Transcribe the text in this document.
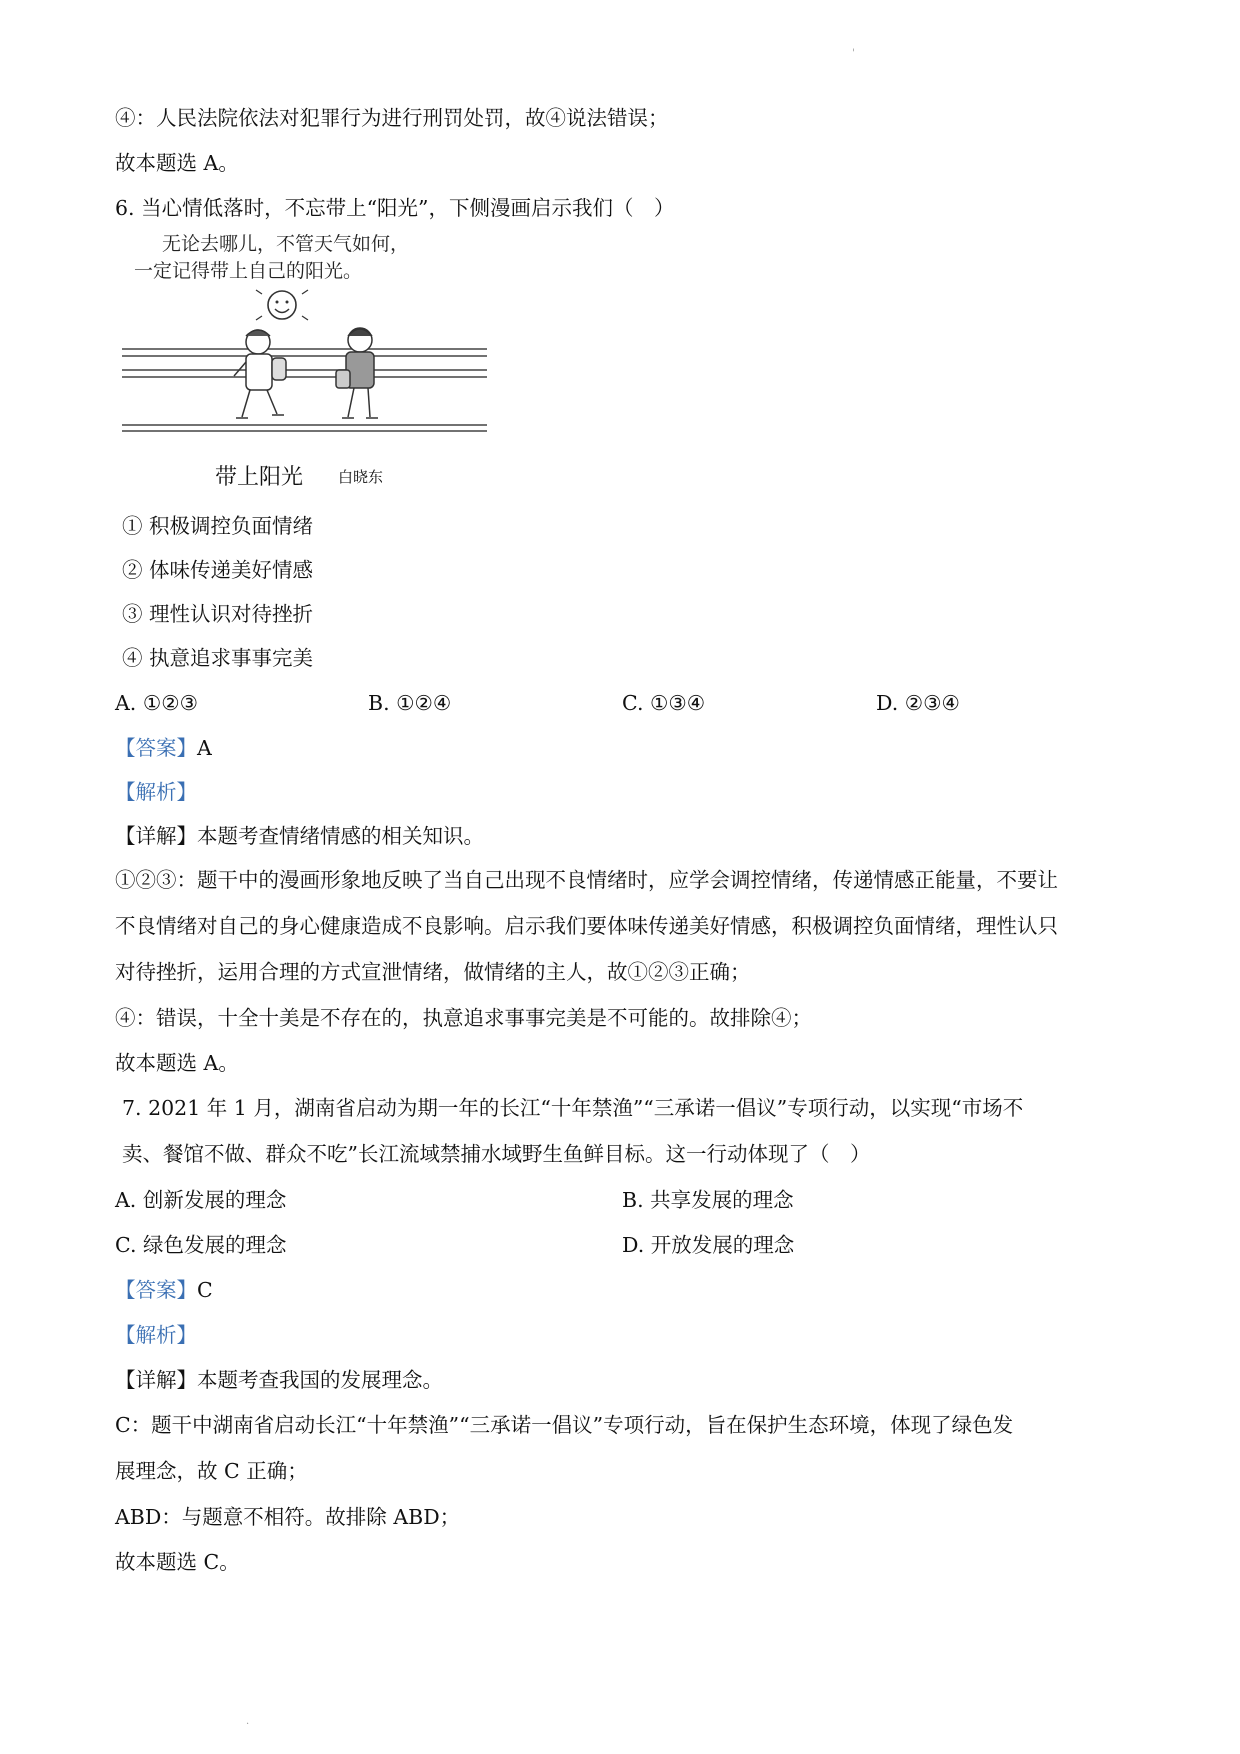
'
④：人民法院依法对犯罪行为进行刑罚处罚，故④说法错误；
故本题选 A。
6. 当心情低落时，不忘带上“阳光”，下侧漫画启示我们（　）
无论去哪儿，不管天气如何，
一定记得带上自己的阳光。
带上阳光 白晓东
① 积极调控负面情绪
② 体味传递美好情感
③ 理性认识对待挫折
④ 执意追求事事完美
A. ①②③	B. ①②④	C. ①③④	D. ②③④
【答案】A
【解析】
【详解】本题考查情绪情感的相关知识。
①②③：题干中的漫画形象地反映了当自己出现不良情绪时，应学会调控情绪，传递情感正能量，不要让
不良情绪对自己的身心健康造成不良影响。启示我们要体味传递美好情感，积极调控负面情绪，理性认只
对待挫折，运用合理的方式宣泄情绪，做情绪的主人，故①②③正确；
④：错误，十全十美是不存在的，执意追求事事完美是不可能的。故排除④；
故本题选 A。
7. 2021 年 1 月，湖南省启动为期一年的长江“十年禁渔”“三承诺一倡议”专项行动，以实现“市场不
卖、餐馆不做、群众不吃”长江流域禁捕水域野生鱼鲜目标。这一行动体现了（　）
A. 创新发展的理念	B. 共享发展的理念
C. 绿色发展的理念	D. 开放发展的理念
【答案】C
【解析】
【详解】本题考查我国的发展理念。
C：题干中湖南省启动长江“十年禁渔”“三承诺一倡议”专项行动，旨在保护生态环境，体现了绿色发
展理念，故 C 正确；
ABD：与题意不相符。故排除 ABD；
故本题选 C。
.
